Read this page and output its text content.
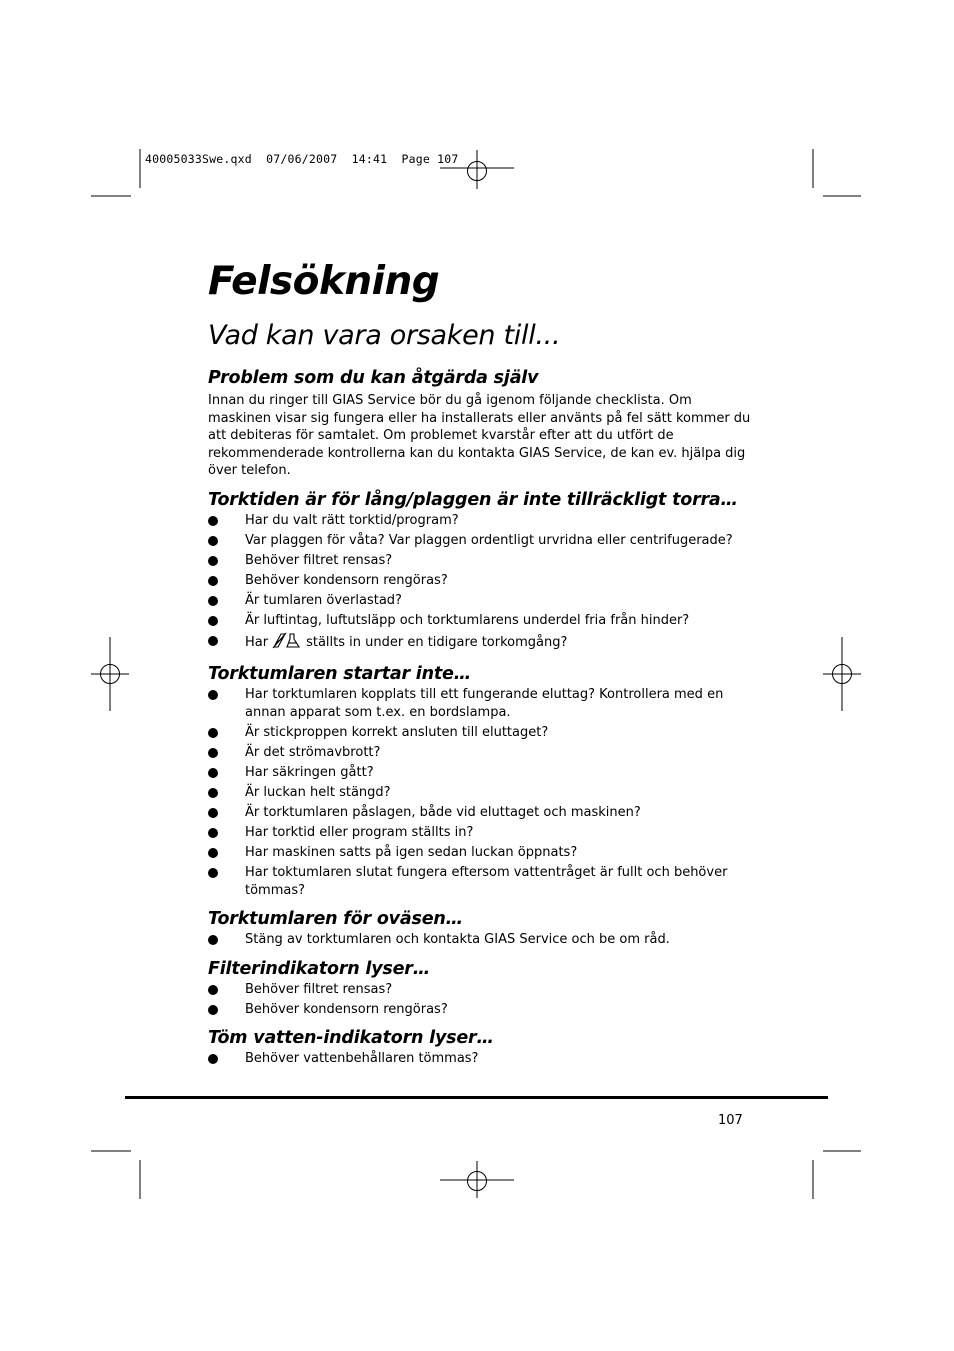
40005033Swe.qxd  07/06/2007  14:41  Page 107
Felsökning
Vad kan vara orsaken till...
Problem som du kan åtgärda själv

Innan du ringer till GIAS Service bör du gå igenom följande checklista. Om maskinen visar sig fungera eller ha installerats eller använts på fel sätt kommer du att debiteras för samtalet. Om problemet kvarstår efter att du utfört de rekommenderade kontrollerna kan du kontakta GIAS Service, de kan ev. hjälpa dig över telefon.

Torktiden är för lång/plaggen är inte tillräckligt torra…
Har du valt rätt torktid/program?
Var plaggen för våta? Var plaggen ordentligt urvridna eller centrifugerade?
Behöver filtret rensas?
Behöver kondensorn rengöras?
Är tumlaren överlastad?
Är luftintag, luftutsläpp och torktumlarens underdel fria från hinder?
Har	ställts in under en tidigare torkomgång?
Torktumlaren startar inte…
Har torktumlaren kopplats till ett fungerande eluttag? Kontrollera med en annan apparat som t.ex. en bordslampa.
Är stickproppen korrekt ansluten till eluttaget?
Är det strömavbrott?
Har säkringen gått?
Är luckan helt stängd?
Är torktumlaren påslagen, både vid eluttaget och maskinen?
Har torktid eller program ställts in?
Har maskinen satts på igen sedan luckan öppnats?
Har toktumlaren slutat fungera eftersom vattentråget är fullt och behöver tömmas?
Torktumlaren för oväsen…
Stäng av torktumlaren och kontakta GIAS Service och be om råd.
Filterindikatorn lyser…
Behöver filtret rensas?
Behöver kondensorn rengöras?
Töm vatten-indikatorn lyser…
Behöver vattenbehållaren tömmas?
107
